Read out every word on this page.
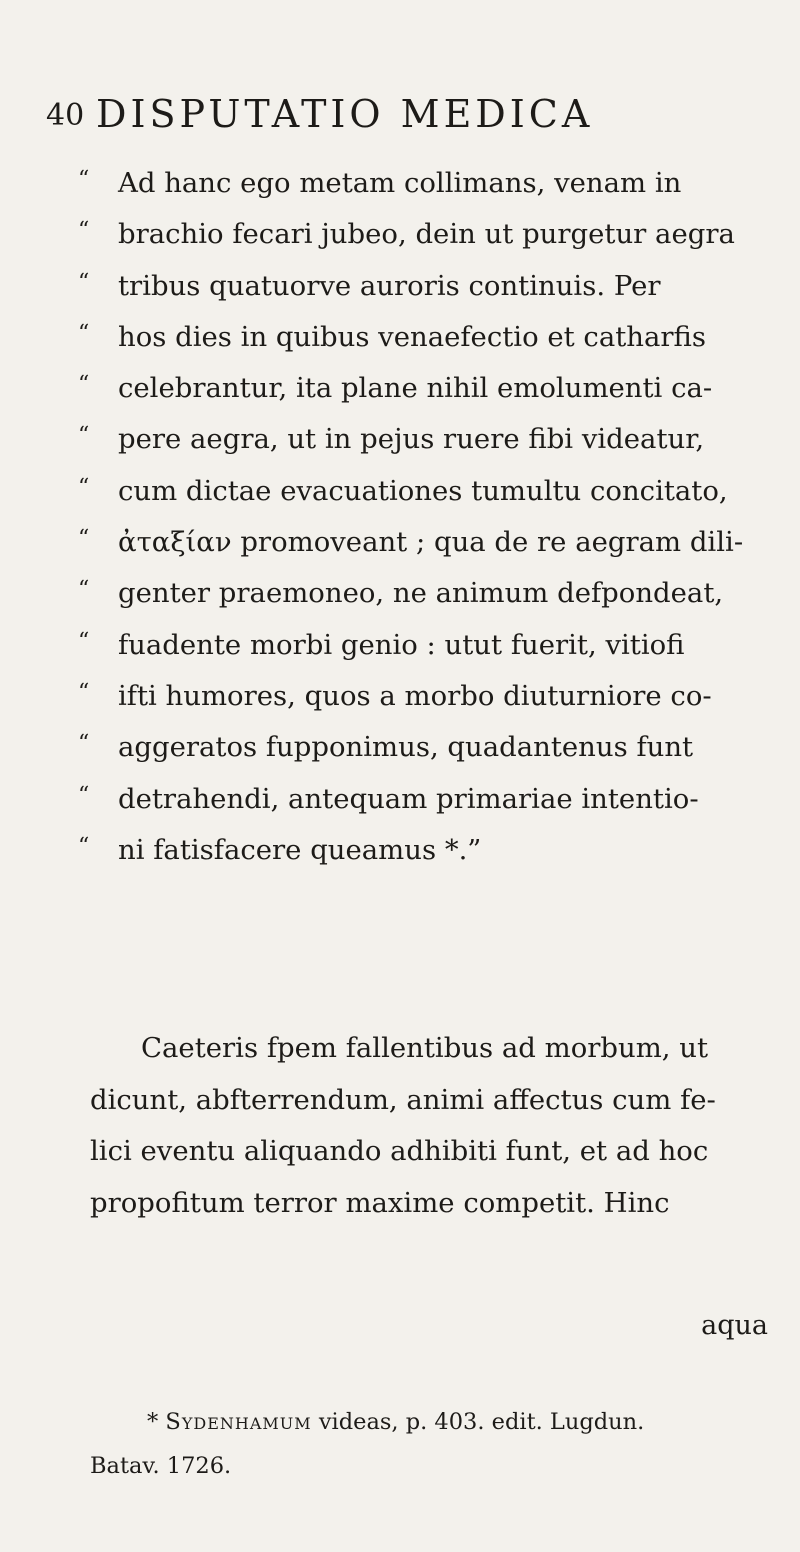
40 DISPUTATIO MEDICA
“	Ad hanc ego metam collimans, venam in
“	brachio fecari jubeo, dein ut purgetur aegra
“	tribus quatuorve auroris continuis. Per
“	hos dies in quibus venaefectio et catharfis
“	celebrantur, ita plane nihil emolumenti ca-
“	pere aegra, ut in pejus ruere fibi videatur,
“	cum dictae evacuationes tumultu concitato,
“	ἀταξίαν promoveant ; qua de re aegram dili-
“	genter praemoneo, ne animum defpondeat,
“	fuadente morbi genio : utut fuerit, vitiofi
“	ifti humores, quos a morbo diuturniore co-
“	aggeratos fupponimus, quadantenus funt
“	detrahendi, antequam primariae intentio-
“	ni fatisfacere queamus *.”
Caeteris fpem fallentibus ad morbum, ut
dicunt, abfterrendum, animi affectus cum fe-
lici eventu aliquando adhibiti funt, et ad hoc
propofitum terror maxime competit. Hinc
aqua
* Sydenhamum videas, p. 403. edit. Lugdun.
Batav. 1726.
